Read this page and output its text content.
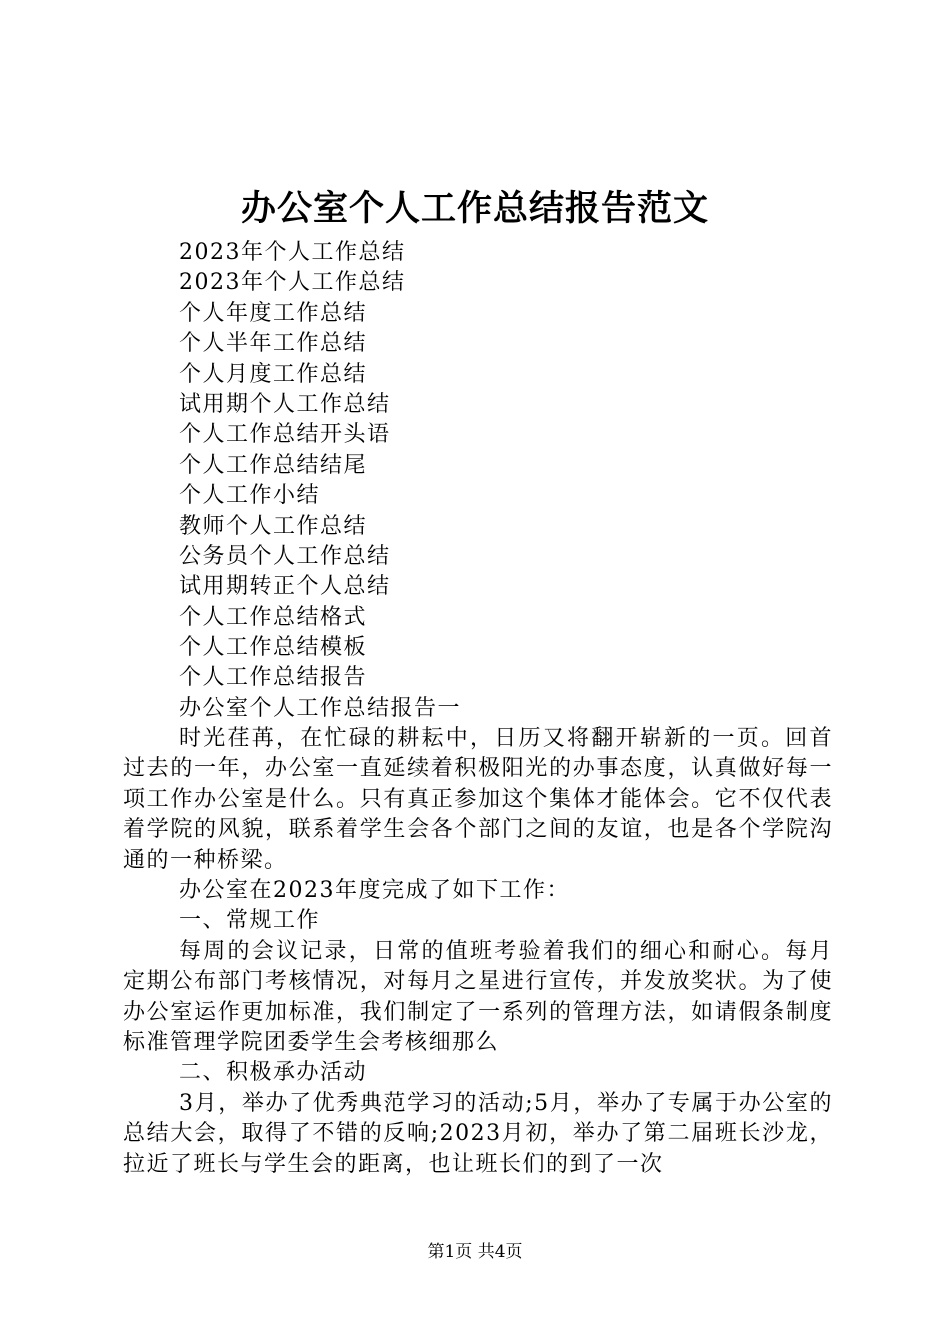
办公室个人工作总结报告范文
2023年个人工作总结
2023年个人工作总结
个人年度工作总结
个人半年工作总结
个人月度工作总结
试用期个人工作总结
个人工作总结开头语
个人工作总结结尾
个人工作小结
教师个人工作总结
公务员个人工作总结
试用期转正个人总结
个人工作总结格式
个人工作总结模板
个人工作总结报告
办公室个人工作总结报告一

时光荏苒，在忙碌的耕耘中，日历又将翻开崭新的一页。回首过去的一年，办公室一直延续着积极阳光的办事态度，认真做好每一项工作办公室是什么。只有真正参加这个集体才能体会。它不仅代表着学院的风貌，联系着学生会各个部门之间的友谊，也是各个学院沟通的一种桥梁。

办公室在2023年度完成了如下工作：

一、常规工作

每周的会议记录，日常的值班考验着我们的细心和耐心。每月定期公布部门考核情况，对每月之星进行宣传，并发放奖状。为了使办公室运作更加标准，我们制定了一系列的管理方法，如请假条制度标准管理学院团委学生会考核细那么

二、积极承办活动

3月，举办了优秀典范学习的活动;5月，举办了专属于办公室的总结大会，取得了不错的反响;2023月初，举办了第二届班长沙龙，拉近了班长与学生会的距离，也让班长们的到了一次

第1页 共4页
